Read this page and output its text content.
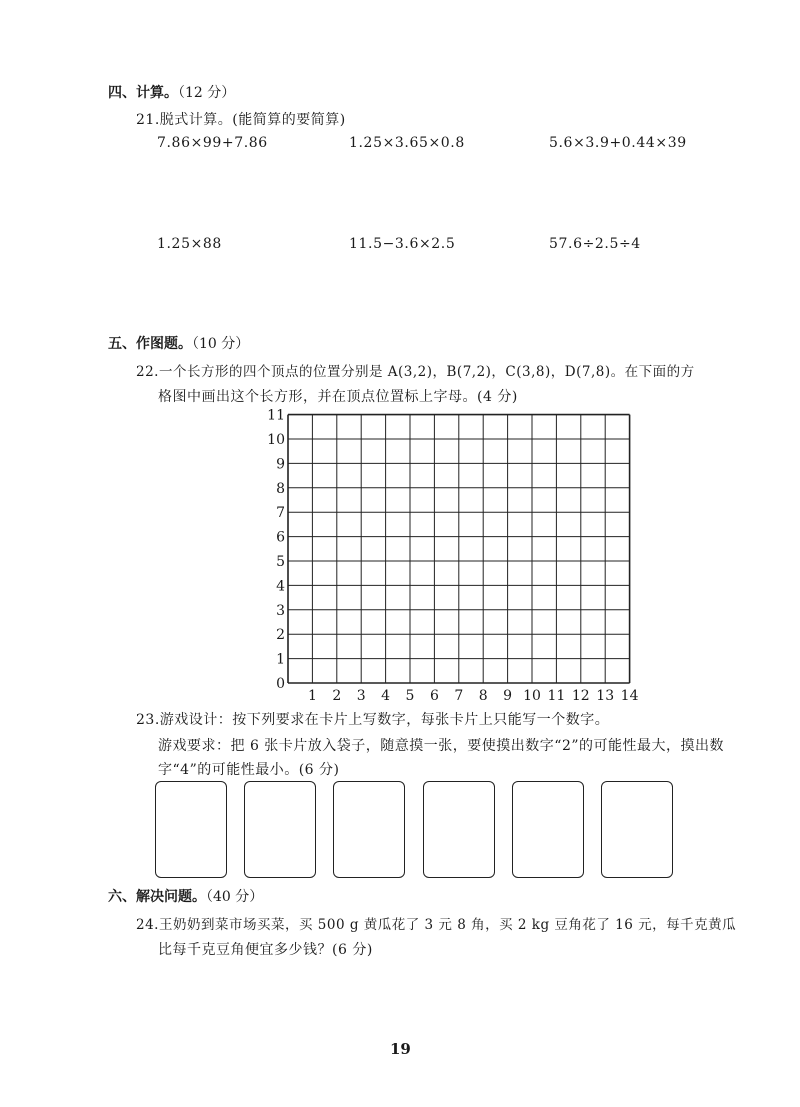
四、计算。（12 分）
21.脱式计算。(能简算的要简算)
7.86×99+7.86	1.25×3.65×0.8	5.6×3.9+0.44×39
1.25×88	11.5−3.6×2.5	57.6÷2.5÷4
五、作图题。（10 分）
22.一个长方形的四个顶点的位置分别是 A(3,2)，B(7,2)，C(3,8)，D(7,8)。在下面的方
格图中画出这个长方形，并在顶点位置标上字母。(4 分)
0
1
2
3
4
5
6
7
8
9
10
11
1 2 3 4 5 6 7 8 9 10 11 12 13 14
23.游戏设计：按下列要求在卡片上写数字，每张卡片上只能写一个数字。
游戏要求：把 6 张卡片放入袋子，随意摸一张，要使摸出数字“2”的可能性最大，摸出数
字“4”的可能性最小。(6 分)
六、解决问题。（40 分）
24.王奶奶到菜市场买菜，买 500 g 黄瓜花了 3 元 8 角，买 2 kg 豆角花了 16 元，每千克黄瓜
比每千克豆角便宜多少钱？(6 分)
19
